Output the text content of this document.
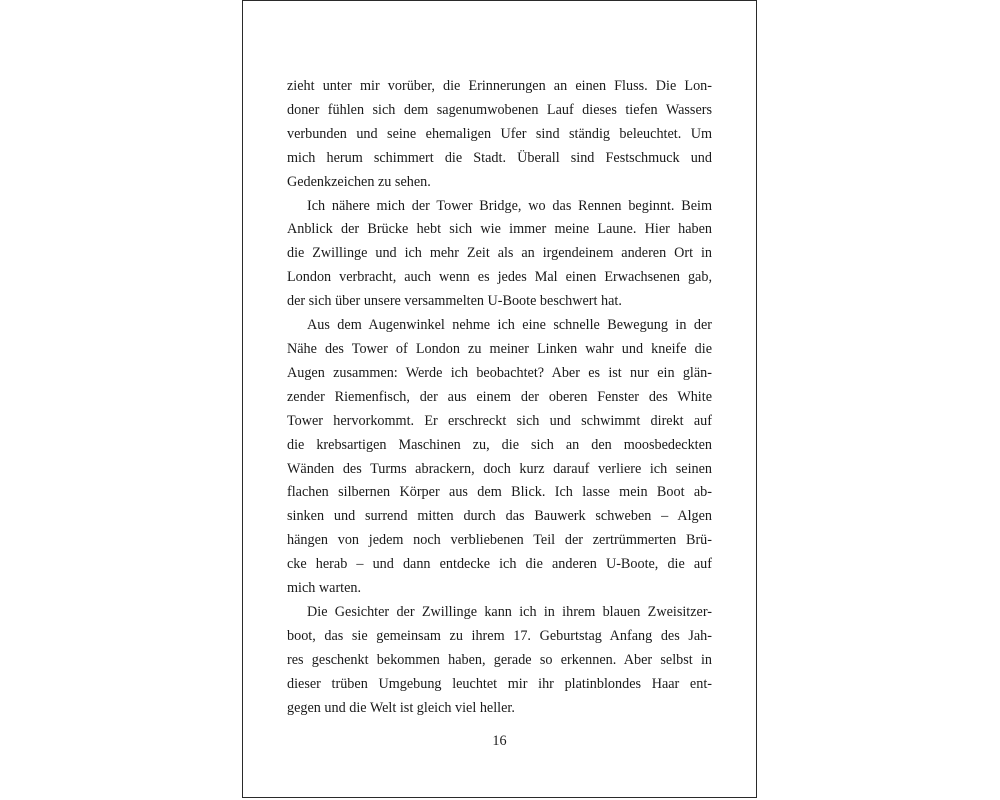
zieht unter mir vorüber, die Erinnerungen an einen Fluss. Die Lon-
doner fühlen sich dem sagenumwobenen Lauf dieses tiefen Wassers
verbunden und seine ehemaligen Ufer sind ständig beleuchtet. Um
mich herum schimmert die Stadt. Überall sind Festschmuck und
Gedenkzeichen zu sehen.

Ich nähere mich der Tower Bridge, wo das Rennen beginnt. Beim
Anblick der Brücke hebt sich wie immer meine Laune. Hier haben
die Zwillinge und ich mehr Zeit als an irgendeinem anderen Ort in
London verbracht, auch wenn es jedes Mal einen Erwachsenen gab,
der sich über unsere versammelten U-Boote beschwert hat.

Aus dem Augenwinkel nehme ich eine schnelle Bewegung in der
Nähe des Tower of London zu meiner Linken wahr und kneife die
Augen zusammen: Werde ich beobachtet? Aber es ist nur ein glän-
zender Riemenfisch, der aus einem der oberen Fenster des White
Tower hervorkommt. Er erschreckt sich und schwimmt direkt auf
die krebsartigen Maschinen zu, die sich an den moosbedeckten
Wänden des Turms abrackern, doch kurz darauf verliere ich seinen
flachen silbernen Körper aus dem Blick. Ich lasse mein Boot ab-
sinken und surrend mitten durch das Bauwerk schweben – Algen
hängen von jedem noch verbliebenen Teil der zertrümmerten Brü-
cke herab – und dann entdecke ich die anderen U-Boote, die auf
mich warten.

Die Gesichter der Zwillinge kann ich in ihrem blauen Zweisitzer-
boot, das sie gemeinsam zu ihrem 17. Geburtstag Anfang des Jah-
res geschenkt bekommen haben, gerade so erkennen. Aber selbst in
dieser trüben Umgebung leuchtet mir ihr platinblondes Haar ent-
gegen und die Welt ist gleich viel heller.

16
